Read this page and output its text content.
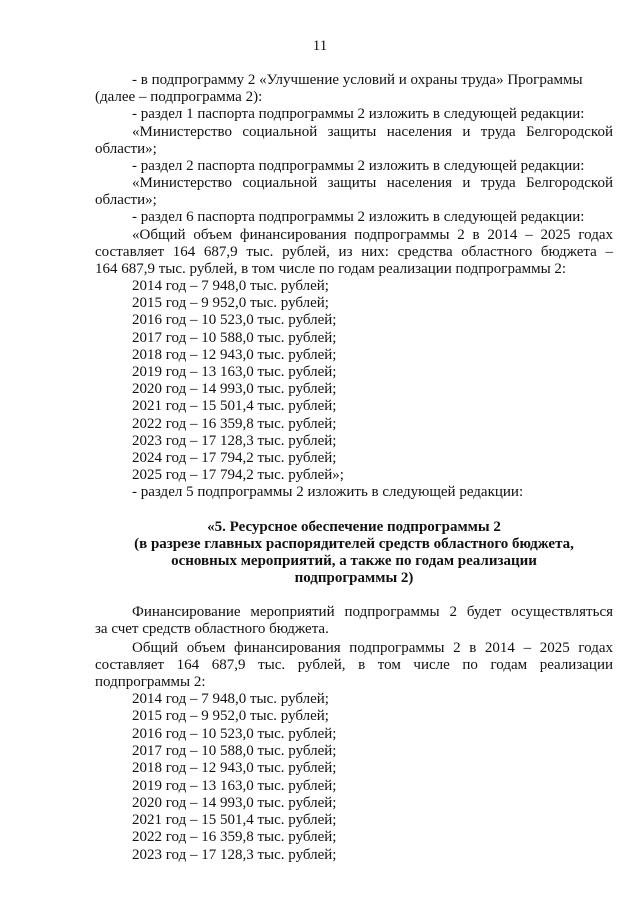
11
- в подпрограмму 2 «Улучшение условий и охраны труда» Программы
(далее – подпрограмма 2):
- раздел 1 паспорта подпрограммы 2 изложить в следующей редакции:
«Министерство социальной защиты населения и труда Белгородской
области»;
- раздел 2 паспорта подпрограммы 2 изложить в следующей редакции:
«Министерство социальной защиты населения и труда Белгородской
области»;
- раздел 6 паспорта подпрограммы 2 изложить в следующей редакции:
«Общий объем финансирования подпрограммы 2 в 2014 – 2025 годах
составляет 164 687,9 тыс. рублей, из них: средства областного бюджета –
164 687,9 тыс. рублей, в том числе по годам реализации подпрограммы 2:
2014 год – 7 948,0 тыс. рублей;
2015 год – 9 952,0 тыс. рублей;
2016 год – 10 523,0 тыс. рублей;
2017 год – 10 588,0 тыс. рублей;
2018 год – 12 943,0 тыс. рублей;
2019 год – 13 163,0 тыс. рублей;
2020 год – 14 993,0 тыс. рублей;
2021 год – 15 501,4 тыс. рублей;
2022 год – 16 359,8 тыс. рублей;
2023 год – 17 128,3 тыс. рублей;
2024 год – 17 794,2 тыс. рублей;
2025 год – 17 794,2 тыс. рублей»;
- раздел 5 подпрограммы 2 изложить в следующей редакции:
«5. Ресурсное обеспечение подпрограммы 2
(в разрезе главных распорядителей средств областного бюджета,
основных мероприятий, а также по годам реализации
подпрограммы 2)
Финансирование мероприятий подпрограммы 2 будет осуществляться
за счет средств областного бюджета.
Общий объем финансирования подпрограммы 2 в 2014 – 2025 годах
составляет 164 687,9 тыс. рублей, в том числе по годам реализации
подпрограммы 2:
2014 год – 7 948,0 тыс. рублей;
2015 год – 9 952,0 тыс. рублей;
2016 год – 10 523,0 тыс. рублей;
2017 год – 10 588,0 тыс. рублей;
2018 год – 12 943,0 тыс. рублей;
2019 год – 13 163,0 тыс. рублей;
2020 год – 14 993,0 тыс. рублей;
2021 год – 15 501,4 тыс. рублей;
2022 год – 16 359,8 тыс. рублей;
2023 год – 17 128,3 тыс. рублей;
